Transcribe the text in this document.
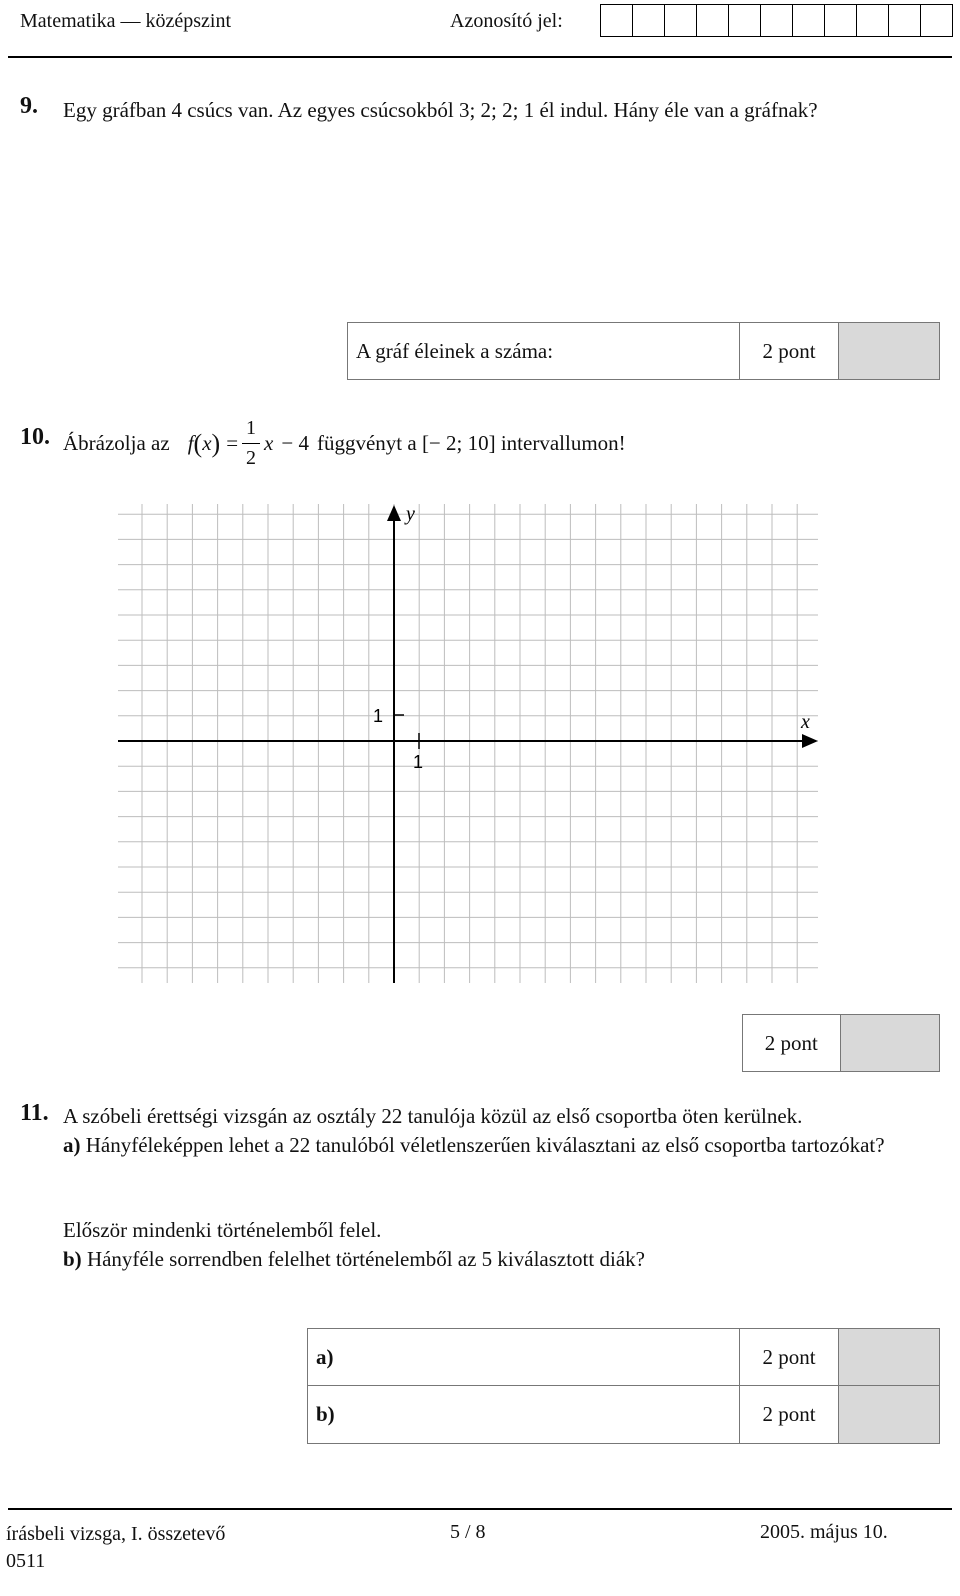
Matematika — középszint	Azonosító jel:
9. Egy gráfban 4 csúcs van. Az egyes csúcsokból 3; 2; 2; 1 él indul. Hány éle van a gráfnak?
A gráf éleinek a száma:	2 pont
10. Ábrázolja az f ( x ) = $\frac{1}{2}$ x − 4 függvényt a [− 2; 10] intervallumon!
y
x
1
1
2 pont
11. A szóbeli érettségi vizsgán az osztály 22 tanulója közül az első csoportba öten kerülnek.
a) Hányféleképpen lehet a 22 tanulóból véletlenszerűen kiválasztani az első csoportba tartozókat?
Először mindenki történelemből felel.
b) Hányféle sorrendben felelhet történelemből az 5 kiválasztott diák?
a)	2 pont
b)	2 pont
írásbeli vizsga, I. összetevő
0511
5 / 8	2005. május 10.
